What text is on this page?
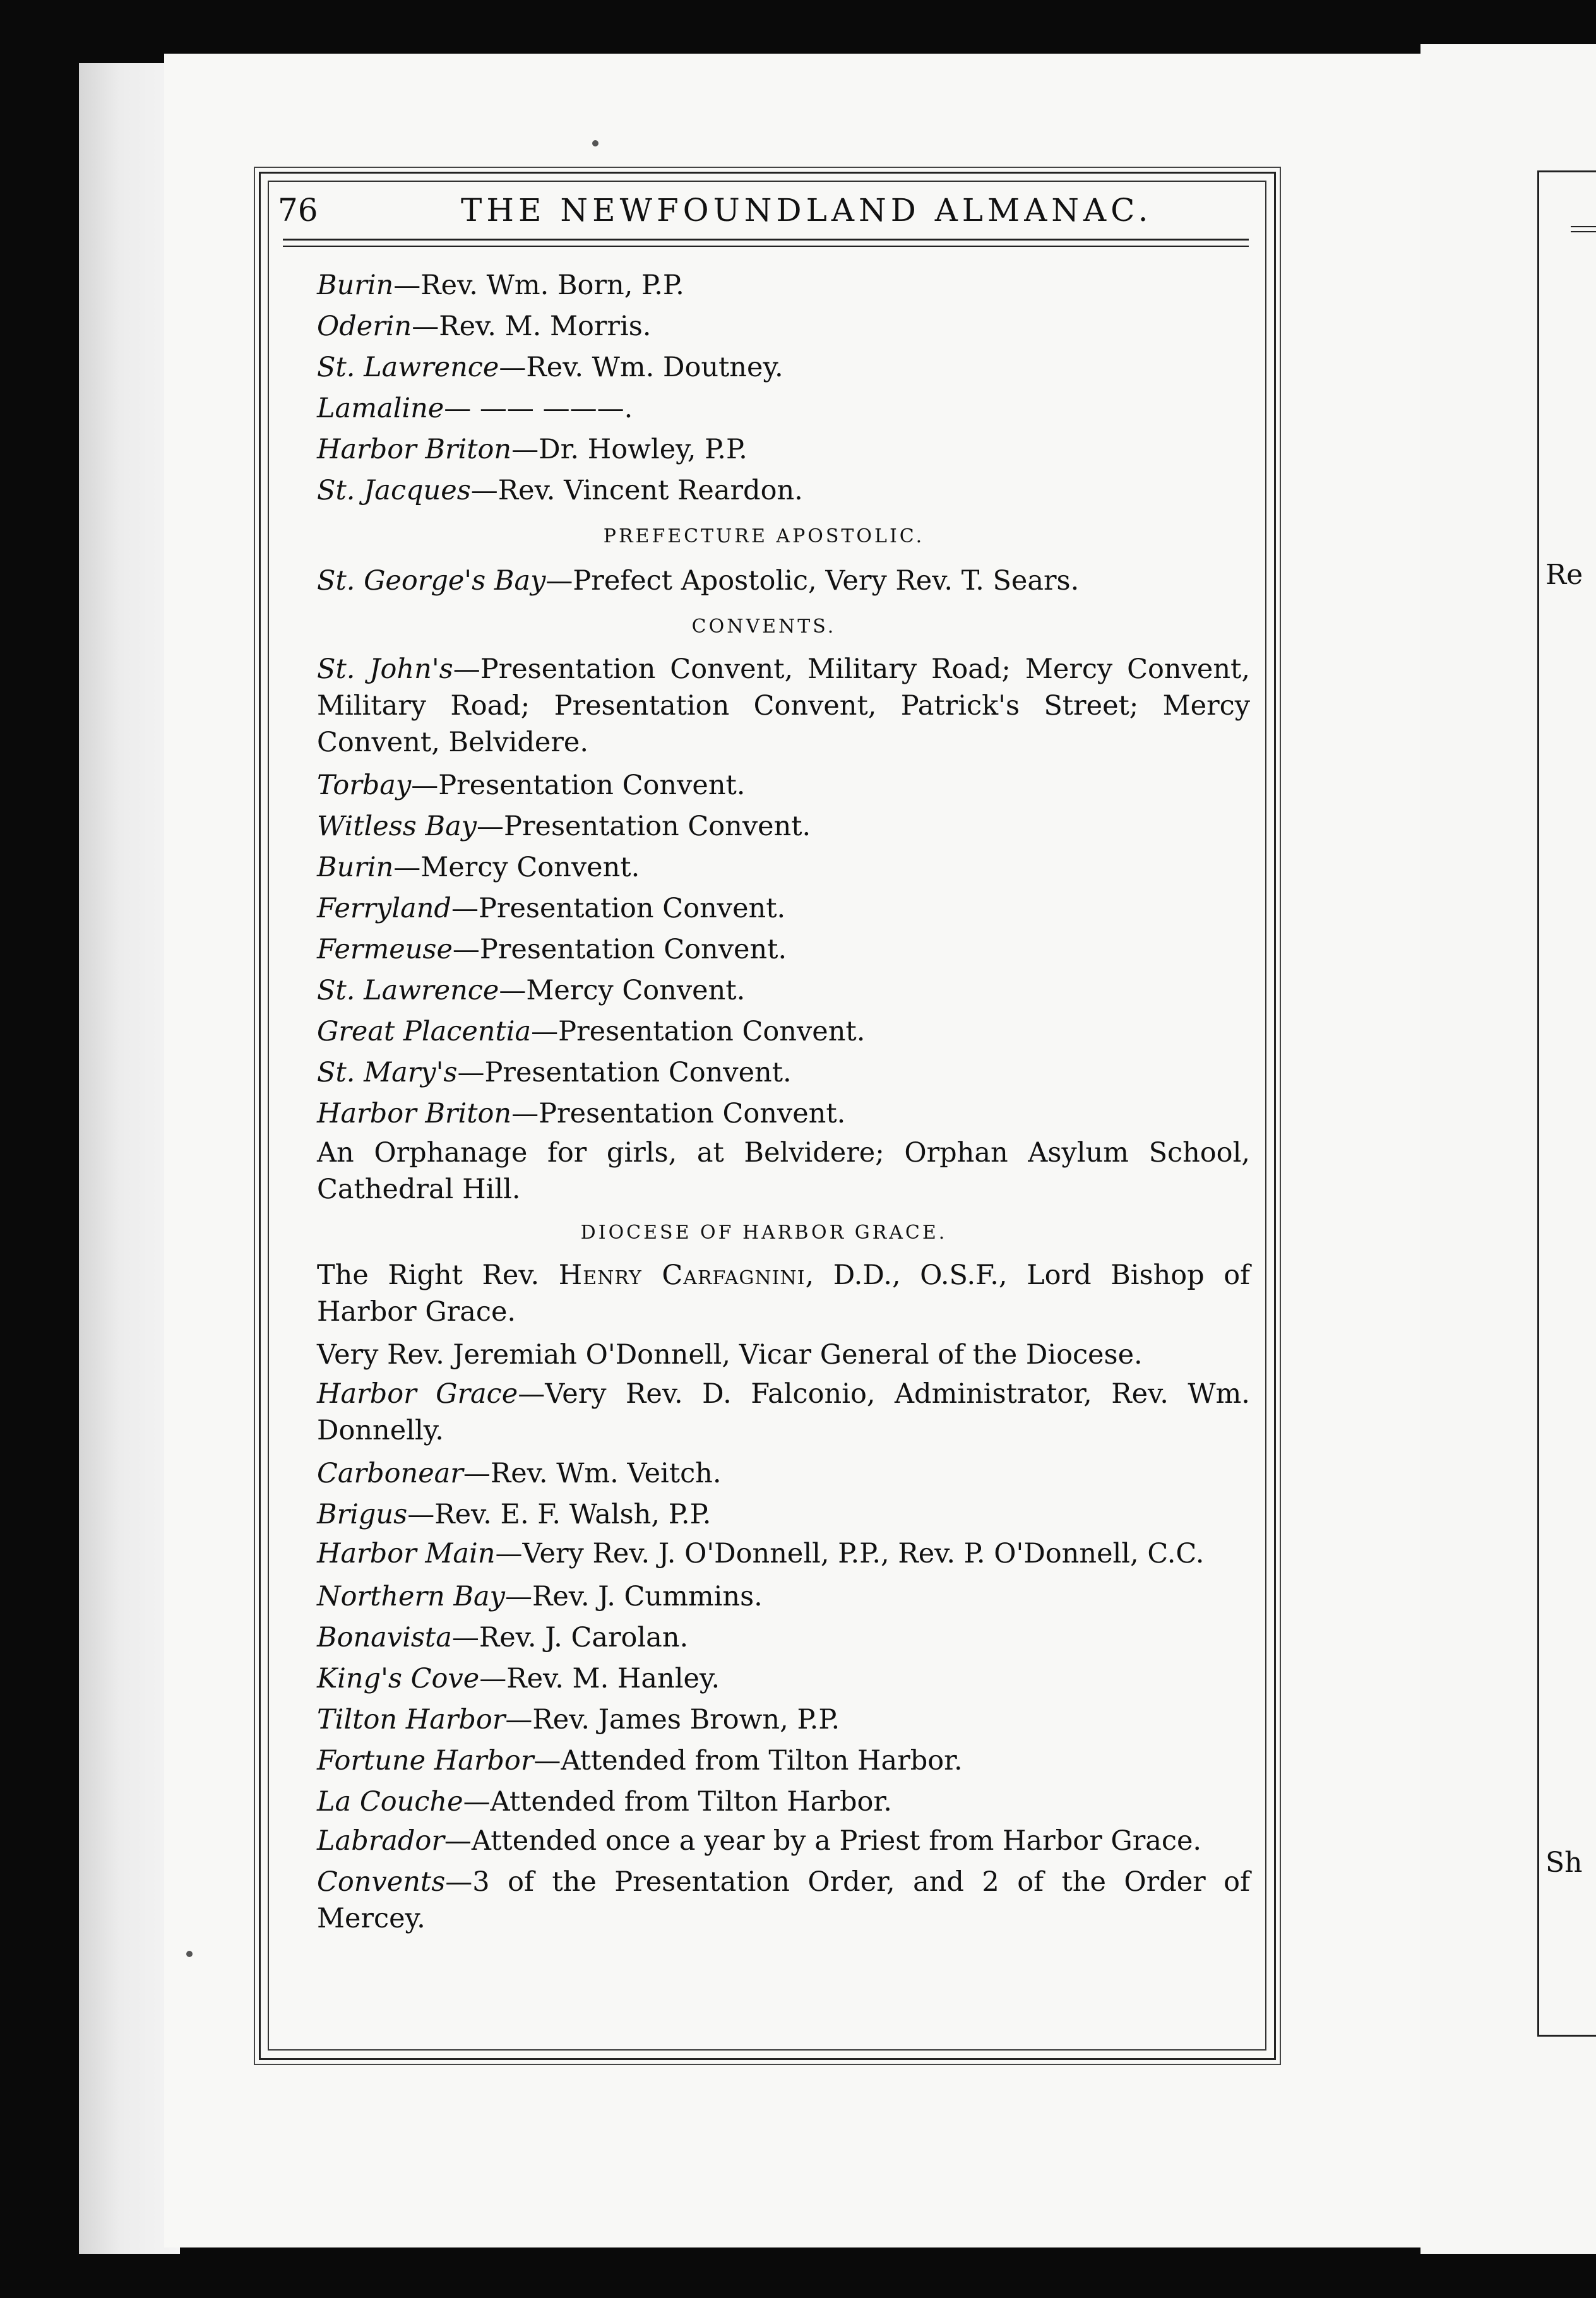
76	THE NEWFOUNDLAND ALMANAC.
Burin—Rev. Wm. Born, P.P.
Oderin—Rev. M. Morris.
St. Lawrence—Rev. Wm. Doutney.
Lamaline— —— ———.
Harbor Briton—Dr. Howley, P.P.
St. Jacques—Rev. Vincent Reardon.
PREFECTURE APOSTOLIC.
St. George's Bay—Prefect Apostolic, Very Rev. T. Sears.
CONVENTS.
St. John's—Presentation Convent, Military Road; Mercy Convent, Military Road; Presentation Convent, Patrick's Street; Mercy Convent, Belvidere.
Torbay—Presentation Convent.
Witless Bay—Presentation Convent.
Burin—Mercy Convent.
Ferryland—Presentation Convent.
Fermeuse—Presentation Convent.
St. Lawrence—Mercy Convent.
Great Placentia—Presentation Convent.
St. Mary's—Presentation Convent.
Harbor Briton—Presentation Convent.
An Orphanage for girls, at Belvidere; Orphan Asylum School, Cathedral Hill.
DIOCESE OF HARBOR GRACE.
The Right Rev. Henry Carfagnini, D.D., O.S.F., Lord Bishop of Harbor Grace.
Very Rev. Jeremiah O'Donnell, Vicar General of the Diocese.
Harbor Grace—Very Rev. D. Falconio, Administrator, Rev. Wm. Donnelly.
Carbonear—Rev. Wm. Veitch.
Brigus—Rev. E. F. Walsh, P.P.
Harbor Main—Very Rev. J. O'Donnell, P.P., Rev. P. O'Donnell, C.C.
Northern Bay—Rev. J. Cummins.
Bonavista—Rev. J. Carolan.
King's Cove—Rev. M. Hanley.
Tilton Harbor—Rev. James Brown, P.P.
Fortune Harbor—Attended from Tilton Harbor.
La Couche—Attended from Tilton Harbor.
Labrador—Attended once a year by a Priest from Harbor Grace.
Convents—3 of the Presentation Order, and 2 of the Order of Mercey.
Re
Sh
